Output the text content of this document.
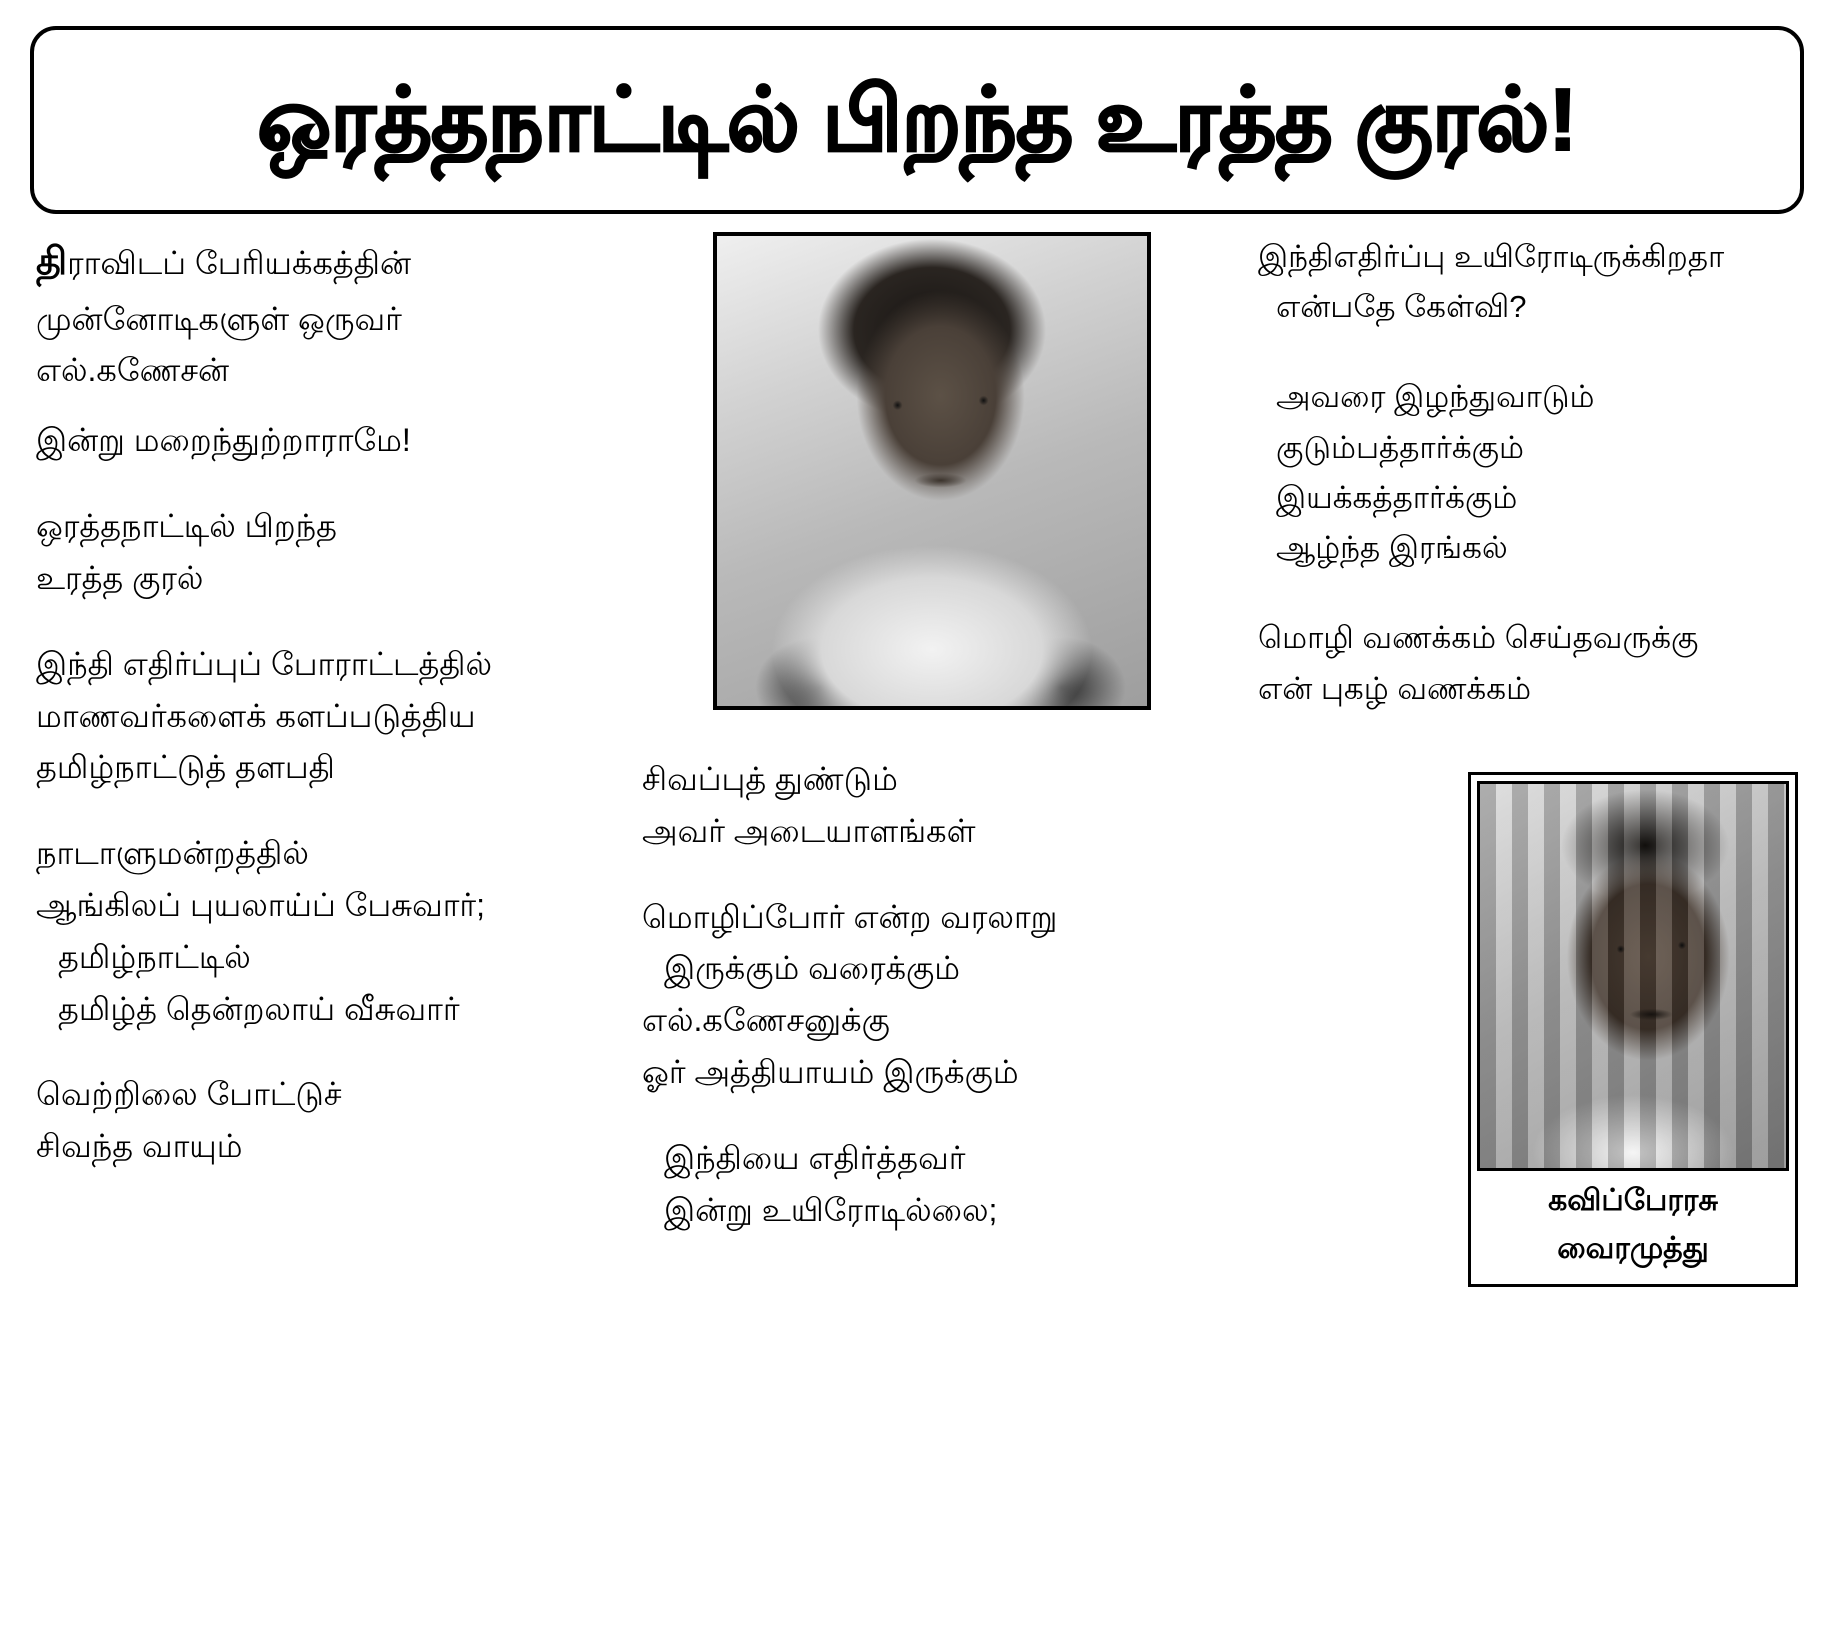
ஒரத்தநாட்டில் பிறந்த உரத்த குரல்!
திராவிடப் பேரியக்கத்தின்
முன்னோடிகளுள் ஒருவர்
எல்.கணேசன்
இன்று மறைந்துற்றாராமே!
ஒரத்தநாட்டில் பிறந்த
உரத்த குரல்
இந்தி எதிர்ப்புப் போராட்டத்தில்
மாணவர்களைக் களப்படுத்திய
தமிழ்நாட்டுத் தளபதி
நாடாளுமன்றத்தில்
ஆங்கிலப் புயலாய்ப் பேசுவார்;
தமிழ்நாட்டில்
தமிழ்த் தென்றலாய் வீசுவார்
வெற்றிலை போட்டுச்
சிவந்த வாயும்
சிவப்புத் துண்டும்
அவர் அடையாளங்கள்
மொழிப்போர் என்ற வரலாறு
இருக்கும் வரைக்கும்
எல்.கணேசனுக்கு
ஓர் அத்தியாயம் இருக்கும்
இந்தியை எதிர்த்தவர்
இன்று உயிரோடில்லை;
இந்திஎதிர்ப்பு உயிரோடிருக்கிறதா
என்பதே கேள்வி?
அவரை இழந்துவாடும்
குடும்பத்தார்க்கும்
இயக்கத்தார்க்கும்
ஆழ்ந்த இரங்கல்
மொழி வணக்கம் செய்தவருக்கு
என் புகழ் வணக்கம்
கவிப்பேரரசு
வைரமுத்து
